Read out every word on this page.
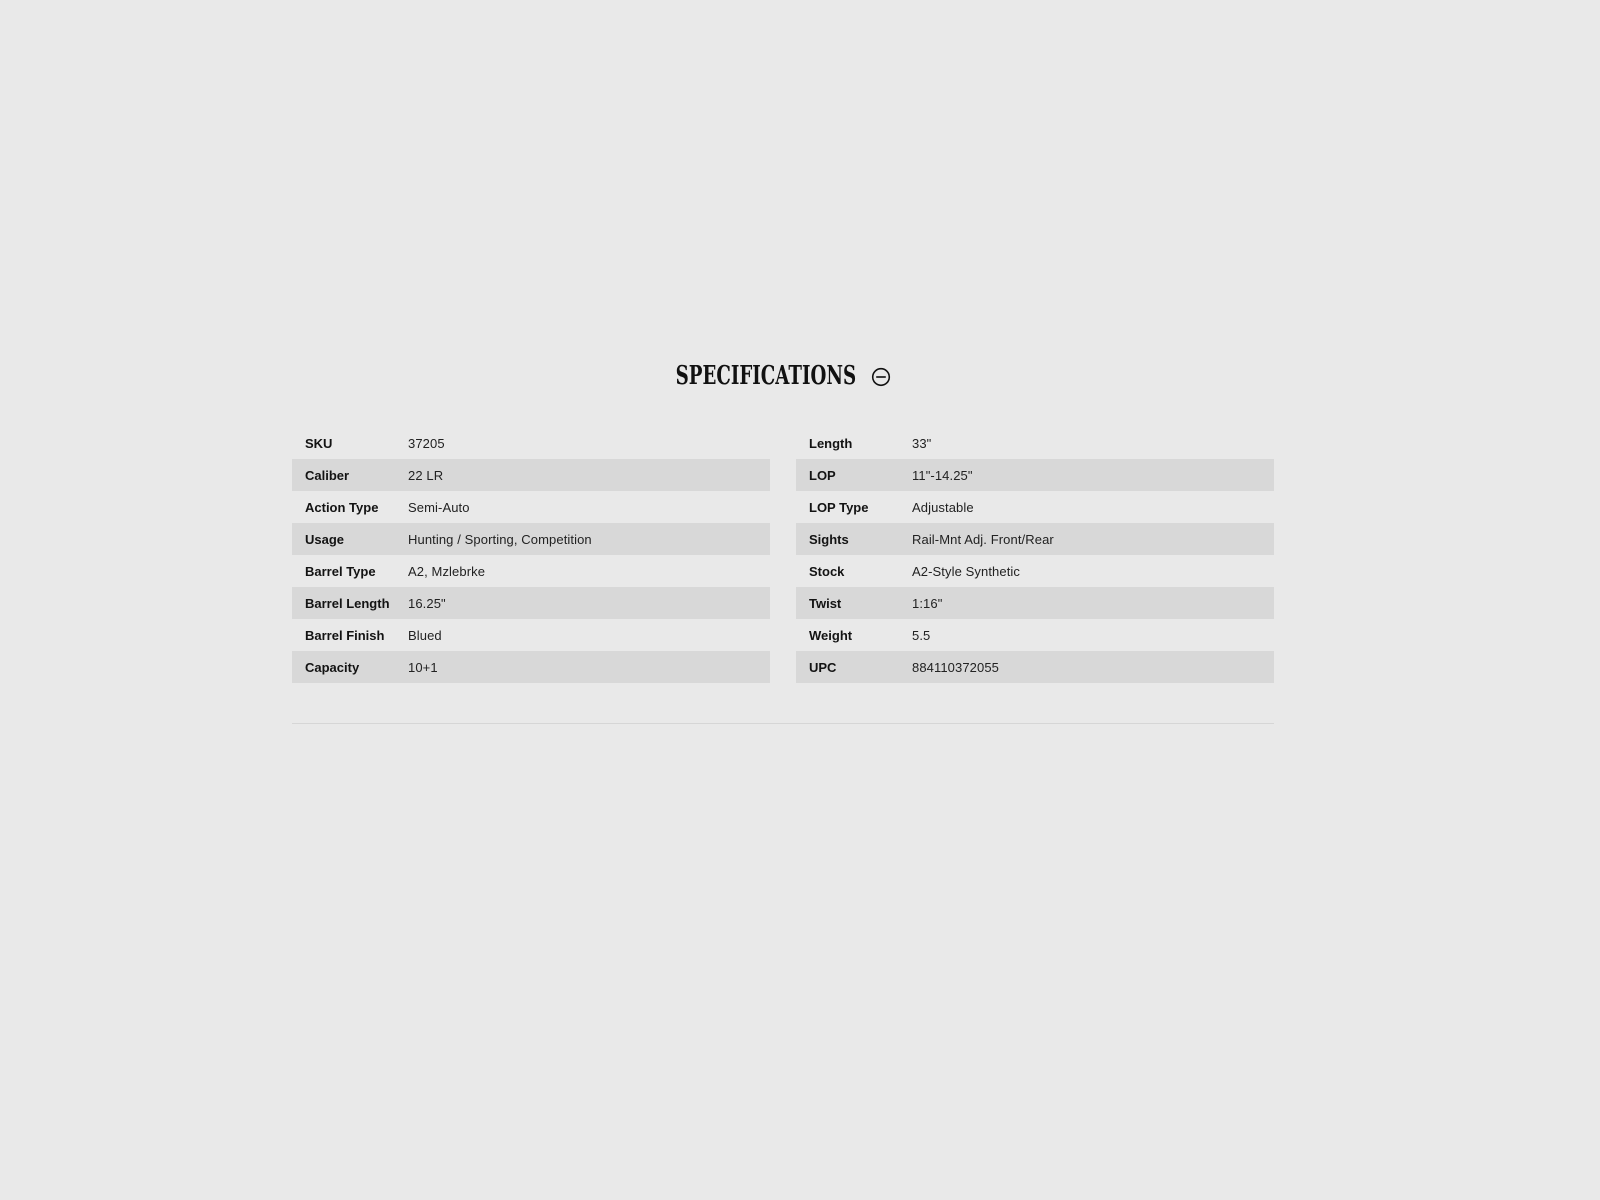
SPECIFICATIONS
SKU	37205
Caliber	22 LR
Action Type	Semi-Auto
Usage	Hunting / Sporting, Competition
Barrel Type	A2, Mzlebrke
Barrel Length	16.25"
Barrel Finish	Blued
Capacity	10+1
Length	33"
LOP	11"-14.25"
LOP Type	Adjustable
Sights	Rail-Mnt Adj. Front/Rear
Stock	A2-Style Synthetic
Twist	1:16"
Weight	5.5
UPC	884110372055
